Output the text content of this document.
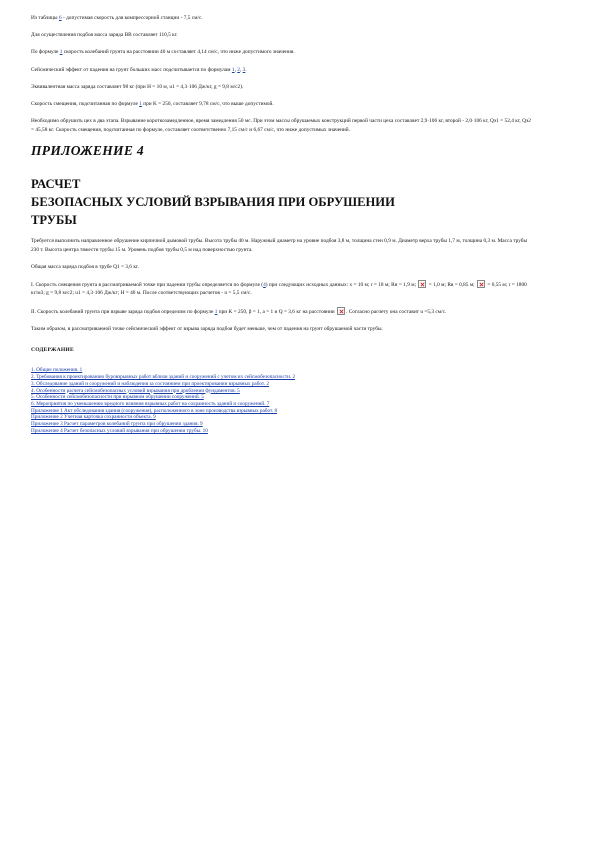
Из таблицы 6 - допустимая скорость для компрессорной станции - 7,5 см/с.

Для осуществления подбоя масса заряда ВВ составляет 110,5 кг.

По формуле 1 скорость колебаний грунта на расстоянии 40 м составляет 4,14 см/с, что ниже допустимого значения.

Сейсмический эффект от падения на грунт больших масс подсчитывается по формулам 1, 2, 3.

Эквивалентная масса заряда составляет 98 кг (при H = 10 м, u1 = 4,3·106 Дж/кг, g = 9,8 м/с2).

Скорость смещения, подсчитанная по формуле 1 при K = 250, составляет 9,78 см/с, что выше допустимой.

Необходимо обрушить цех в два этапа. Взрывание короткозамедленное, время замедления 50 мс. При этом массы обрушаемых конструкций первой части цеха составляет 2,9·106 кг, второй - 2,0·106 кг, Qэ1 = 52,4 кг, Qэ2 = 45,58 кг. Скорость смещения, подсчитанная по формуле, составляет соответственно 7,15 см/с и 6,67 см/с, что ниже допустимых значений.

ПРИЛОЖЕНИЕ 4
РАСЧЕТ
БЕЗОПАСНЫХ УСЛОВИЙ ВЗРЫВАНИЯ ПРИ ОБРУШЕНИИ
ТРУБЫ

Требуется выполнить направленное обрушение кирпичной дымовой трубы. Высота трубы 40 м. Наружный диаметр на уровне подбоя 3,8 м, толщина стен 0,9 м. Диаметр верха трубы 1,7 м, толщина 0,3 м. Масса трубы 230 т. Высота центра тяжести трубы 15 м. Уровень подбоя трубы 0,5 м над поверхностью грунта.

Общая масса заряда подбоя в трубе Q1 = 3,6 кг.

I. Скорость смещения грунта в рассматриваемой точке при падении трубы определяется по формуле (4) при следующих исходных данных: x = 10 м; r = 18 м; Rн = 1,9 м;  = 1,0 м; Rв = 0,85 м;  = 0,55 м; r = 1800 кг/м3; g = 9,8 м/с2; u1 = 4,3·106 Дж/кг; H = 40 м. После соответствующих расчетов - u = 5,5 см/с.

II. Скорость колебаний грунта при взрыве заряда подбоя определим по формуле 1 при K = 250, β = 1, a = 1 и Q = 3,6 кг на расстоянии . Согласно расчету она составит u =5,3 см/с.

Таким образом, в рассматриваемой точке сейсмический эффект от взрыва заряда подбоя будет меньше, чем от падения на грунт обрушаемой части трубы.

СОДЕРЖАНИЕ
1. Общие положения. 1
2. Требования к проектированию буровзрывных работ вблизи зданий и сооружений с учетом их сейсмобезопасности. 2
3. Обследование зданий и сооружений и наблюдения за состоянием при проектировании взрывных работ. 2
4. Особенности расчета сейсмобезопасных условий взрывания при дроблении фундаментов. 5
5. Особенности сейсмобезопасности при взрывном обрушении сооружений. 5
6. Мероприятия по уменьшению вредного влияния взрывных работ на сохранность зданий и сооружений. 7
Приложение 1 Акт обследования здания (сооружения), расположенного в зоне производства взрывных работ. 8
Приложение 2 Учетная карточка сохранности объекта. 9
Приложение 3 Расчет параметров колебаний грунта при обрушении здания. 9
Приложение 4 Расчет безопасных условий взрывания при обрушении трубы. 10
